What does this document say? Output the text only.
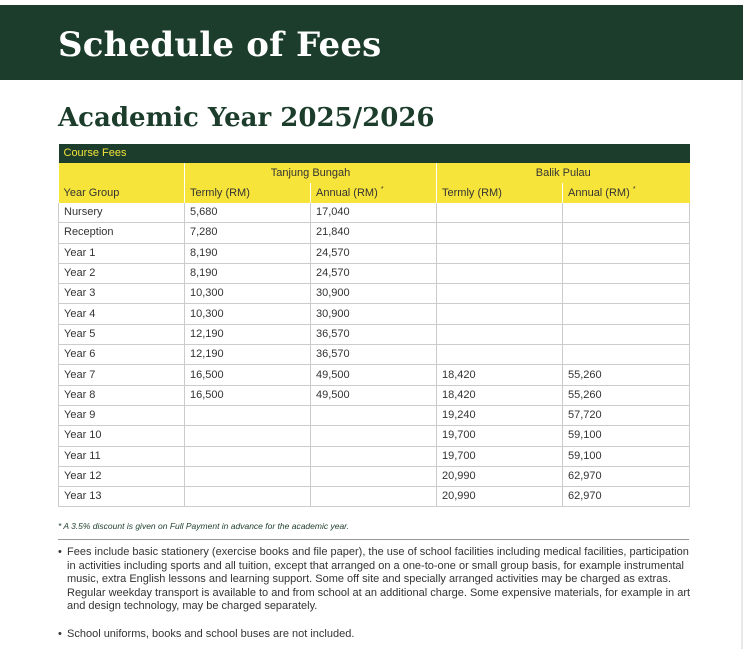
Schedule of Fees
Academic Year 2025/2026
Course Fees				
	Tanjung Bungah		Balik Pulau	
Year Group	Termly (RM)	Annual (RM) *	Termly (RM)	Annual (RM) *
Nursery	5,680	17,040		
Reception	7,280	21,840		
Year 1	8,190	24,570		
Year 2	8,190	24,570		
Year 3	10,300	30,900		
Year 4	10,300	30,900		
Year 5	12,190	36,570		
Year 6	12,190	36,570		
Year 7	16,500	49,500	18,420	55,260
Year 8	16,500	49,500	18,420	55,260
Year 9			19,240	57,720
Year 10			19,700	59,100
Year 11			19,700	59,100
Year 12			20,990	62,970
Year 13			20,990	62,970
* A 3.5% discount is given on Full Payment in advance for the academic year.
• Fees include basic stationery (exercise books and file paper), the use of school facilities including medical facilities, participation in activities including sports and all tuition, except that arranged on a one-to-one or small group basis, for example instrumental music, extra English lessons and learning support. Some off site and specially arranged activities may be charged as extras. Regular weekday transport is available to and from school at an additional charge. Some expensive materials, for example in art and design technology, may be charged separately.
• School uniforms, books and school buses are not included.
